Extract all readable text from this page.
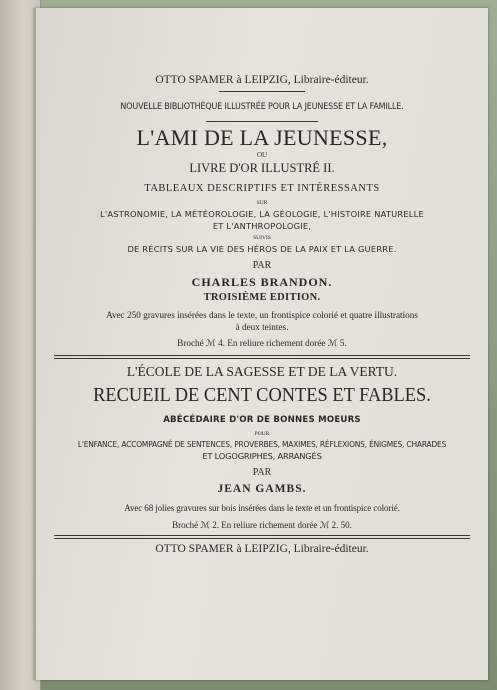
OTTO SPAMER à LEIPZIG, Libraire-éditeur.
NOUVELLE BIBLIOTHÈQUE ILLUSTRÉE POUR LA JEUNESSE ET LA FAMILLE.
L'AMI DE LA JEUNESSE,
OU
LIVRE D'OR ILLUSTRÉ II.
TABLEAUX DESCRIPTIFS ET INTÉRESSANTS
SUR
L'ASTRONOMIE, LA MÉTÉOROLOGIE, LA GÉOLOGIE, L'HISTOIRE NATURELLE
ET L'ANTHROPOLOGIE,
SUIVIS
DE RÉCITS SUR LA VIE DES HÉROS DE LA PAIX ET LA GUERRE.
PAR
CHARLES BRANDON.
TROISIÈME EDITION.
Avec 250 gravures insérées dans le texte, un frontispice colorié et quatre illustrations
à deux teintes.
Broché ℳ 4. En reliure richement dorée ℳ 5.
L'ÉCOLE DE LA SAGESSE ET DE LA VERTU.
RECUEIL DE CENT CONTES ET FABLES.
ABÉCÉDAIRE D'OR DE BONNES MOEURS
POUR
L'ENFANCE, ACCOMPAGNÉ DE SENTENCES, PROVERBES, MAXIMES, RÉFLEXIONS, ÉNIGMES, CHARADES
ET LOGOGRIPHES, ARRANGÉS
PAR
JEAN GAMBS.
Avec 68 jolies gravures sur bois insérées dans le texte et un frontispice colorié.
Broché ℳ 2. En reliure richement dorée ℳ 2. 50.
OTTO SPAMER à LEIPZIG, Libraire-éditeur.
